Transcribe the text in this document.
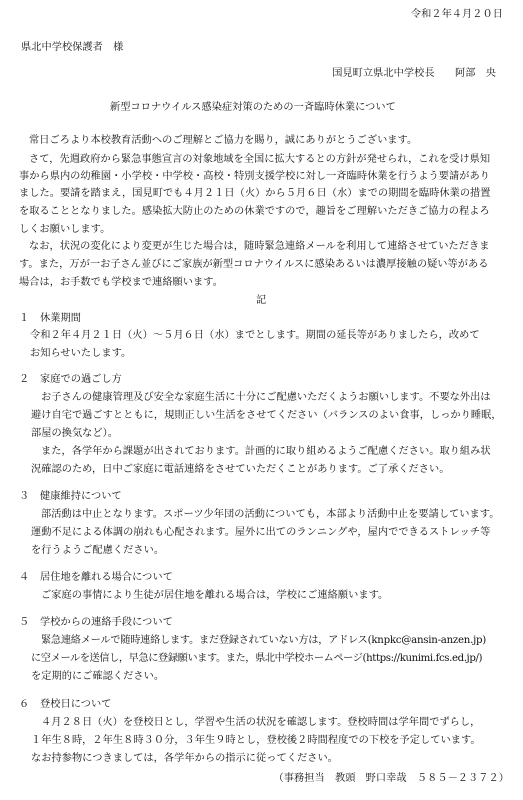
令和２年４月２０日
県北中学校保護者　様
国見町立県北中学校長　　阿部　央
新型コロナウイルス感染症対策のための一斉臨時休業について
常日ごろより本校教育活動へのご理解とご協力を賜り，誠にありがとうございます。
さて，先週政府から緊急事態宣言の対象地域を全国に拡大するとの方針が発せられ，これを受け県知
事から県内の幼稚園・小学校・中学校・高校・特別支援学校に対し一斉臨時休業を行うよう要請があり
ました。要請を踏まえ，国見町でも４月２１日（火）から５月６日（水）までの期間を臨時休業の措置
を取ることとなりました。感染拡大防止のための休業ですので，趣旨をご理解いただきご協力の程よろ
しくお願いします。
なお，状況の変化により変更が生じた場合は，随時緊急連絡メールを利用して連絡させていただきま
す。また，万が一お子さん並びにご家族が新型コロナウイルスに感染あるいは濃厚接触の疑い等がある
場合は，お手数でも学校まで連絡願います。
記
１ 休業期間
令和２年４月２１日（火）～５月６日（水）までとします。期間の延長等がありましたら，改めて
お知らせいたします。
２ 家庭での過ごし方
お子さんの健康管理及び安全な家庭生活に十分にご配慮いただくようお願いします。不要な外出は
避け自宅で過ごすとともに，規則正しい生活をさせてください（バランスのよい食事，しっかり睡眠，
部屋の換気など）。
また，各学年から課題が出されております。計画的に取り組めるようご配慮ください。取り組み状
況確認のため，日中ご家庭に電話連絡をさせていただくことがあります。ご了承ください。
３ 健康維持について
部活動は中止となります。スポーツ少年団の活動についても，本部より活動中止を要請しています。
運動不足による体調の崩れも心配されます。屋外に出てのランニングや，屋内でできるストレッチ等
を行うようご配慮ください。
４ 居住地を離れる場合について
ご家庭の事情により生徒が居住地を離れる場合は，学校にご連絡願います。
５ 学校からの連絡手段について
緊急連絡メールで随時連絡します。まだ登録されていない方は，アドレス(knpkc@ansin-anzen.jp)
に空メールを送信し，早急に登録願います。また，県北中学校ホームページ(https://kunimi.fcs.ed.jp/)
を定期的にご確認ください。
６ 登校日について
４月２８日（火）を登校日とし，学習や生活の状況を確認します。登校時間は学年間でずらし，
１年生８時，２年生８時３０分，３年生９時とし，登校後２時間程度での下校を予定しています。
なお持参物につきましては，各学年からの指示に従ってください。
（事務担当　教頭　野口幸哉　５８５－２３７２）
